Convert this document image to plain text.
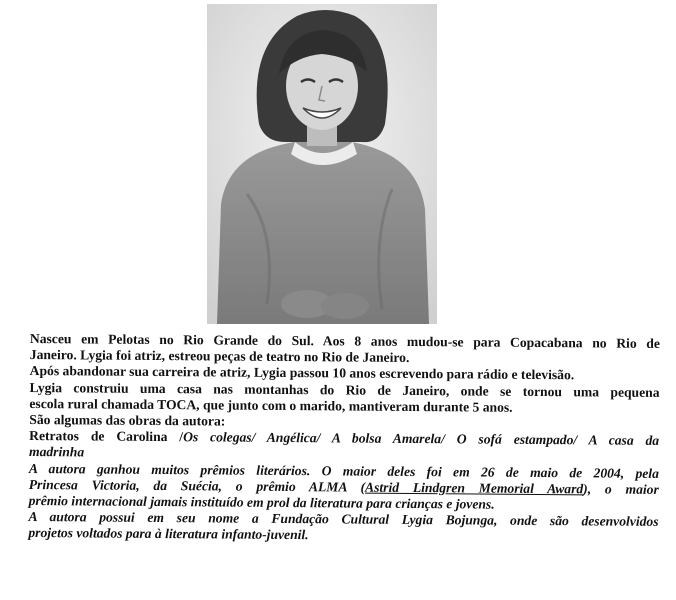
Nasceu em Pelotas no Rio Grande do Sul. Aos 8 anos mudou-se para Copacabana no Rio de

Janeiro. Lygia foi atriz, estreou peças de teatro no Rio de Janeiro.

Após abandonar sua carreira de atriz, Lygia passou 10 anos escrevendo para rádio e televisão.

Lygia construiu uma casa nas montanhas do Rio de Janeiro, onde se tornou uma pequena

escola rural chamada TOCA, que junto com o marido, mantiveram durante 5 anos.

São algumas das obras da autora:

Retratos de Carolina /Os colegas/ Angélica/ A bolsa Amarela/ O sofá estampado/ A casa da

madrinha

A autora ganhou muitos prêmios literários. O maior deles foi em 26 de maio de 2004, pela

Princesa Victoria, da Suécia, o prêmio ALMA (Astrid Lindgren Memorial Award), o maior

prêmio internacional jamais instituído em prol da literatura para crianças e jovens.

A autora possui em seu nome a Fundação Cultural Lygia Bojunga, onde são desenvolvidos

projetos voltados para à literatura infanto-juvenil.
